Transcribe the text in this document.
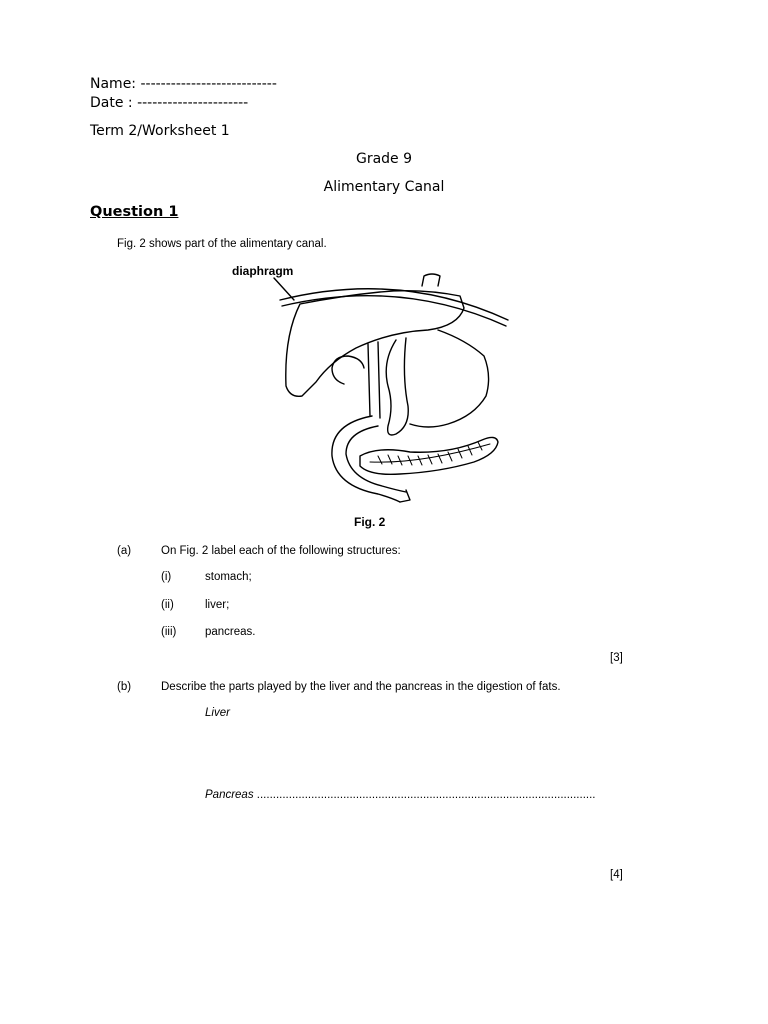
Name: ---------------------------
Date : ----------------------
Term 2/Worksheet 1
Grade 9
Alimentary Canal
Question 1
Fig. 2 shows part of the alimentary canal.
diaphragm
Fig. 2
(a)	On Fig. 2 label each of the following structures:
(i)	stomach;
(ii)	liver;
(iii) pancreas.
[3]
(b)	Describe the parts played by the liver and the pancreas in the digestion of fats.
Liver
Pancreas ..........................................................................................................
[4]
